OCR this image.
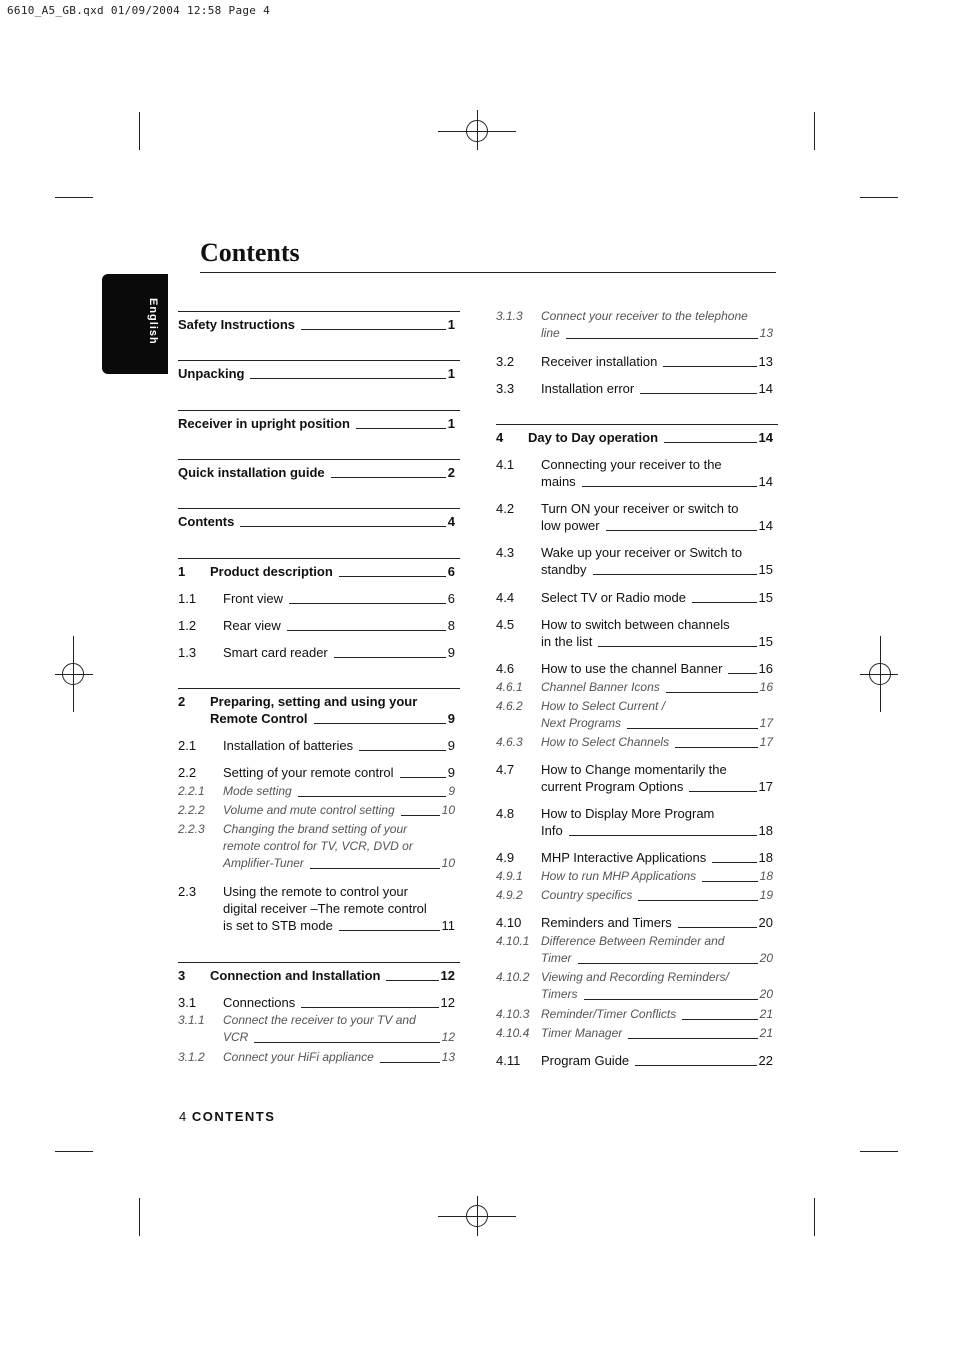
6610_A5_GB.qxd 01/09/2004 12:58 Page 4
English
Contents
Safety Instructions	1
Unpacking	1
Receiver in upright position	1
Quick installation guide	2
Contents	4
1 Product description	6
1.1 Front view	6
1.2 Rear view	8
1.3 Smart card reader	9
2 Preparing, setting and using your
Remote Control	9
2.1 Installation of batteries	9
2.2 Setting of your remote control	9
2.2.1 Mode setting	9
2.2.2 Volume and mute control setting	10
2.2.3 Changing the brand setting of your
remote control for TV, VCR, DVD or
Amplifier-Tuner	10
2.3 Using the remote to control your
digital receiver –The remote control
is set to STB mode	11
3 Connection and Installation	12
3.1 Connections	12
3.1.1 Connect the receiver to your TV and
VCR	12
3.1.2 Connect your HiFi appliance	13
3.1.3 Connect your receiver to the telephone
line	13
3.2 Receiver installation	13
3.3 Installation error	14
4 Day to Day operation	14
4.1 Connecting your receiver to the
mains	14
4.2 Turn ON your receiver or switch to
low power	14
4.3 Wake up your receiver or Switch to
standby	15
4.4 Select TV or Radio mode	15
4.5 How to switch between channels
in the list	15
4.6 How to use the channel Banner	16
4.6.1 Channel Banner Icons	16
4.6.2 How to Select Current /
Next Programs	17
4.6.3 How to Select Channels	17
4.7 How to Change momentarily the
current Program Options	17
4.8 How to Display More Program
Info	18
4.9 MHP Interactive Applications	18
4.9.1 How to run MHP Applications	18
4.9.2 Country specifics	19
4.10 Reminders and Timers	20
4.10.1 Difference Between Reminder and
Timer	20
4.10.2 Viewing and Recording Reminders/
Timers	20
4.10.3 Reminder/Timer Conflicts	21
4.10.4 Timer Manager	21
4.11 Program Guide	22
4 CONTENTS
